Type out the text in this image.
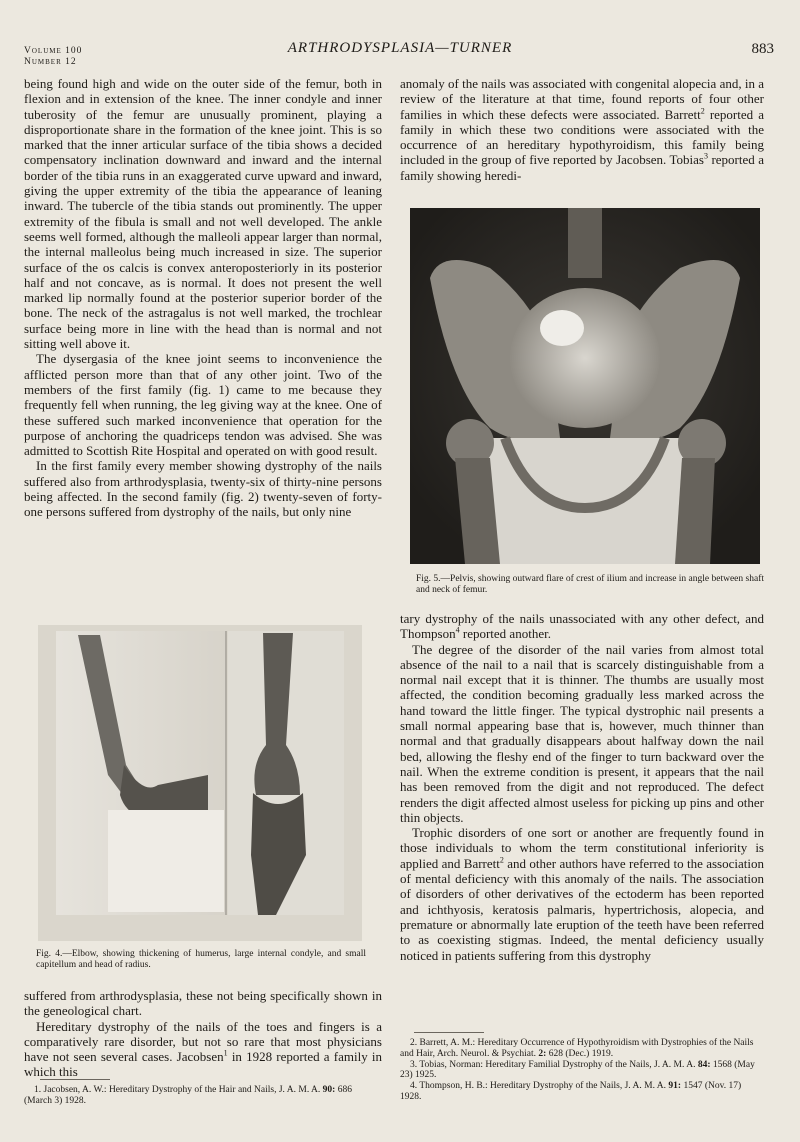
Volume 100
Number 12
ARTHRODYSPLASIA—TURNER	883

being found high and wide on the outer side of the femur, both in flexion and in extension of the knee. The inner condyle and inner tuberosity of the femur are unusually prominent, playing a disproportionate share in the formation of the knee joint. This is so marked that the inner articular surface of the tibia shows a decided compensatory inclination downward and inward and the internal border of the tibia runs in an exaggerated curve upward and inward, giving the upper extremity of the tibia the appearance of leaning inward. The tubercle of the tibia stands out prominently. The upper extremity of the fibula is small and not well developed. The ankle seems well formed, although the malleoli appear larger than normal, the internal malleolus being much increased in size. The superior surface of the os calcis is convex anteroposteriorly in its posterior half and not concave, as is normal. It does not present the well marked lip normally found at the posterior superior border of the bone. The neck of the astragalus is not well marked, the trochlear surface being more in line with the head than is normal and not sitting well above it.

The dysergasia of the knee joint seems to inconvenience the afflicted person more than that of any other joint. Two of the members of the first family (fig. 1) came to me because they frequently fell when running, the leg giving way at the knee. One of these suffered such marked inconvenience that operation for the purpose of anchoring the quadriceps tendon was advised. She was admitted to Scottish Rite Hospital and operated on with good result.

In the first family every member showing dystrophy of the nails suffered also from arthrodysplasia, twenty-six of thirty-nine persons being affected. In the second family (fig. 2) twenty-seven of forty-one persons suffered from dystrophy of the nails, but only nine

Fig. 4.—Elbow, showing thickening of humerus, large internal condyle, and small capitellum and head of radius.

suffered from arthrodysplasia, these not being specifically shown in the geneological chart.

Hereditary dystrophy of the nails of the toes and fingers is a comparatively rare disorder, but not so rare that most physicians have not seen several cases. Jacobsen$^1$ in 1928 reported a family in which this

1. Jacobsen, A. W.: Hereditary Dystrophy of the Hair and Nails, J. A. M. A. 90: 686 (March 3) 1928.

anomaly of the nails was associated with congenital alopecia and, in a review of the literature at that time, found reports of four other families in which these defects were associated. Barrett$^2$ reported a family in which these two conditions were associated with the occurrence of an hereditary hypothyroidism, this family being included in the group of five reported by Jacobsen. Tobias$^3$ reported a family showing heredi-

Fig. 5.—Pelvis, showing outward flare of crest of ilium and increase in angle between shaft and neck of femur.

tary dystrophy of the nails unassociated with any other defect, and Thompson$^4$ reported another.

The degree of the disorder of the nail varies from almost total absence of the nail to a nail that is scarcely distinguishable from a normal nail except that it is thinner. The thumbs are usually most affected, the condition becoming gradually less marked across the hand toward the little finger. The typical dystrophic nail presents a small normal appearing base that is, however, much thinner than normal and that gradually disappears about halfway down the nail bed, allowing the fleshy end of the finger to turn backward over the nail. When the extreme condition is present, it appears that the nail has been removed from the digit and not reproduced. The defect renders the digit affected almost useless for picking up pins and other thin objects.

Trophic disorders of one sort or another are frequently found in those individuals to whom the term constitutional inferiority is applied and Barrett$^2$ and other authors have referred to the association of mental deficiency with this anomaly of the nails. The association of disorders of other derivatives of the ectoderm has been reported and ichthyosis, keratosis palmaris, hypertrichosis, alopecia, and premature or abnormally late eruption of the teeth have been referred to as coexisting stigmas. Indeed, the mental deficiency usually noticed in patients suffering from this dystrophy

2. Barrett, A. M.: Hereditary Occurrence of Hypothyroidism with Dystrophies of the Nails and Hair, Arch. Neurol. & Psychiat. 2: 628 (Dec.) 1919.

3. Tobias, Norman: Hereditary Familial Dystrophy of the Nails, J. A. M. A. 84: 1568 (May 23) 1925.

4. Thompson, H. B.: Hereditary Dystrophy of the Nails, J. A. M. A. 91: 1547 (Nov. 17) 1928.
